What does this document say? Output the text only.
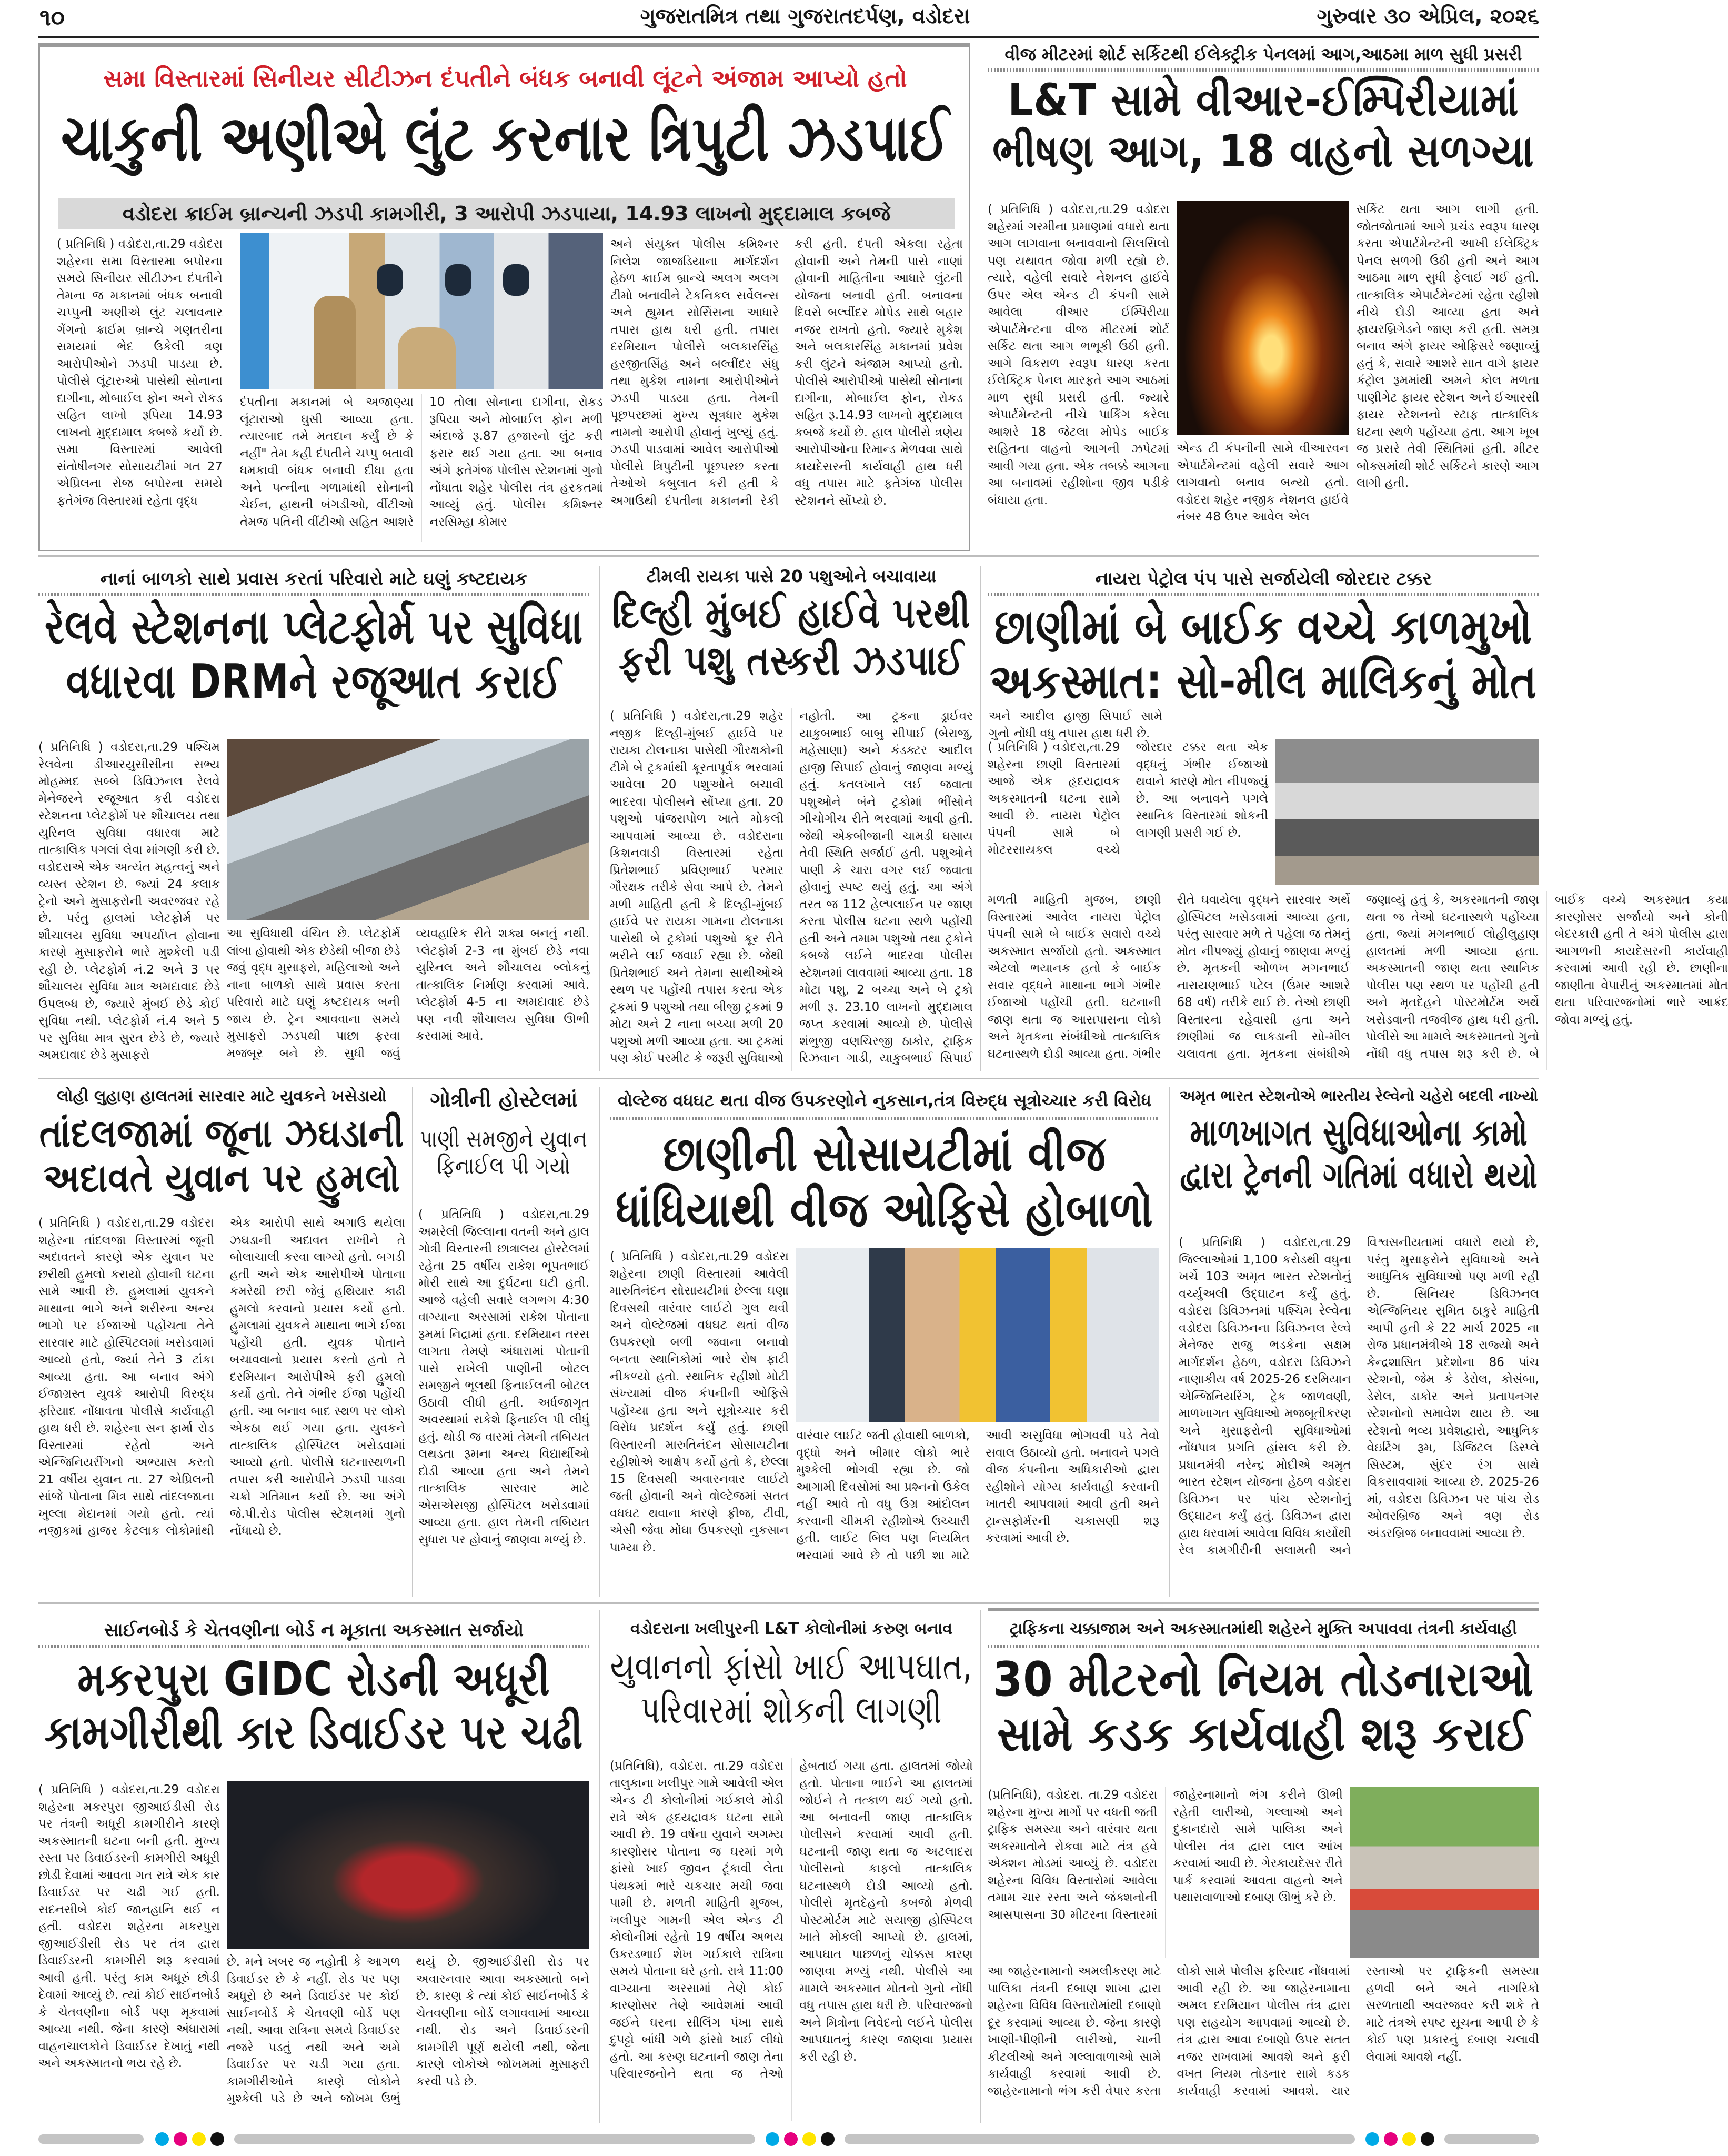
૧૦	ગુજરાતમિત્ર તથા ગુજરાતદર્પણ, વડોદરા	ગુરુવાર ૩૦ એપ્રિલ, ૨૦૨૬
સમા વિસ્તારમાં સિનીયર સીટીઝન દંપતીને બંધક બનાવી લૂંટને અંજામ આપ્યો હતો
ચાકુની અણીએ લુંટ કરનાર ત્રિપુટી ઝડપાઈ
વડોદરા ક્રાઈમ બ્રાન્ચની ઝડપી કામગીરી, 3 આરોપી ઝડપાયા, 14.93 લાખનો મુદ્દામાલ કબજે
( પ્રતિનિધિ ) વડોદરા,તા.29 વડોદરા શહેરના સમા વિસ્તારમા બપોરના સમયે સિનીયર સીટીઝન દંપતીને તેમના જ મકાનમાં બંધક બનાવી ચપ્પુની અણીએ લુંટ ચલાવનાર ગેંગનો ક્રાઈમ બ્રાન્ચે ગણતરીના સમયમાં ભેદ ઉકેલી ત્રણ આરોપીઓને ઝડપી પાડયા છે. પોલીસે લૂંટારુઓ પાસેથી સોનાના દાગીના, મોબાઈલ ફોન અને રોકડ સહિત લાખો રૂપિયા 14.93 લાખનો મુદ્દામાલ કબજે કર્યો છે. સમા વિસ્તારમાં આવેલી સંતોષીનગર સોસાયટીમાં ગત 27 એપ્રિલના રોજ બપોરના સમયે ફતેગંજ વિસ્તારમાં રહેતા વૃદ્ધ
દંપતીના મકાનમાં બે અજાણ્યા લૂંટારાઓ ઘુસી આવ્યા હતા. ત્યારબાદ તમે મતદાન કર્યું છે કે નહીં" તેમ કહી દંપતીને ચપ્પુ બતાવી ધમકાવી બંધક બનાવી દીધા હતા અને પત્નીના ગળામાંથી સોનાની ચેઈન, હાથની બંગડીઓ, વીંટીઓ તેમજ પતિની વીંટીઓ સહિત આશરે 10 તોલા સોનાના દાગીના, રોકડ રૂપિયા અને મોબાઈલ ફોન મળી અંદાજે રૂ.87 હજારનો લુંટ કરી ફરાર થઈ ગયા હતા. આ બનાવ અંગે ફતેગંજ પોલીસ સ્ટેશનમાં ગુનો નોંધાતા શહેર પોલીસ તંત્ર હરકતમાં આવ્યું હતું. પોલીસ કમિશ્નર નરસિમ્હા કોમાર
અને સંયુક્ત પોલીસ કમિશ્નર નિલેશ જાજડિયાના માર્ગદર્શન હેઠળ ક્રાઈમ બ્રાન્ચે અલગ અલગ ટીમો બનાવીને ટેકનિકલ સર્વેલન્સ અને હ્યુમન સોર્સિસના આધારે તપાસ હાથ ધરી હતી. તપાસ દરમિયાન પોલીસે બલકારસિંહ હરજીતસિંહ અને બલ્વીંદર સંધુ તથા મુકેશ નામના આરોપીઓને ઝડપી પાડયા હતા. તેમની પૂછપરછમાં મુખ્ય સૂત્રધાર મુકેશ નામનો આરોપી હોવાનું ખુલ્યું હતું. ઝડપી પાડવામાં આવેલ આરોપીઓ પોલીસે ત્રિપુટીની પૂછપરછ કરતા તેઓએ કબુલાત કરી હતી કે અગાઉથી દંપતીના મકાનની રેકી કરી હતી. દંપતી એકલા રહેતા હોવાની અને તેમની પાસે નાણાં હોવાની માહિતીના આધારે લુંટની યોજના બનાવી હતી. બનાવના દિવસે બલ્વીંદર મોપેડ સાથે બહાર નજર રાખતો હતો. જ્યારે મુકેશ અને બલકારસિંહ મકાનમાં પ્રવેશ કરી લુંટને અંજામ આપ્યો હતો. પોલીસે આરોપીઓ પાસેથી સોનાના દાગીના, મોબાઈલ ફોન, રોકડ સહિત રૂ.14.93 લાખનો મુદ્દામાલ કબજે કર્યો છે. હાલ પોલીસે ત્રણેય આરોપીઓના રિમાન્ડ મેળવવા સાથે કાયદેસરની કાર્યવાહી હાથ ધરી વધુ તપાસ માટે ફતેગંજ પોલીસ સ્ટેશનને સોંપ્યો છે.
વીજ મીટરમાં શોર્ટ સર્કિટથી ઈલેક્ટ્રીક પેનલમાં આગ,આઠમા માળ સુધી પ્રસરી
L&T સામે વીઆર-ઈમ્પિરીયામાં ભીષણ આગ, 18 વાહનો સળગ્યા
( પ્રતિનિધિ ) વડોદરા,તા.29 વડોદરા શહેરમાં ગરમીના પ્રમાણમાં વધારો થતા આગ લાગવાના બનાવવાનો સિલસિલો પણ યથાવત જોવા મળી રહ્યો છે. ત્યારે, વહેલી સવારે નેશનલ હાઈવે ઉપર એલ એન્ડ ટી કંપની સામે આવેલા વીઆર ઈમ્પિરીયા એપાર્ટમેન્ટના વીજ મીટરમાં શોર્ટ સર્કિટ થતા આગ ભભૂકી ઉઠી હતી. આગે વિકરાળ સ્વરૂપ ધારણ કરતા ઈલેક્ટ્રિક પેનલ મારફતે આગ આઠમાં માળ સુધી પ્રસરી હતી. જ્યારે એપાર્ટમેન્ટની નીચે પાર્કિંગ કરેલા આશરે 18 જેટલા મોપેડ બાઈક સહિતના વાહનો આગની ઝપેટમાં આવી ગયા હતા. એક તબક્કે આગના આ બનાવમાં રહીશોના જીવ પડીકે બંધાયા હતા.
એન્ડ ટી કંપનીની સામે વીઆરવન એપાર્ટમેન્ટમાં વહેલી સવારે આગ લાગવાનો બનાવ બન્યો હતો. વડોદરા શહેર નજીક નેશનલ હાઈવે નંબર 48 ઉપર આવેલ એલ
સર્કિટ થતા આગ લાગી હતી. જોતજોતામાં આગે પ્રચંડ સ્વરૂપ ધારણ કરતા એપાર્ટમેન્ટની આખી ઈલેક્ટ્રિક પેનલ સળગી ઉઠી હતી અને આગ આઠમા માળ સુધી ફેલાઈ ગઈ હતી. તાત્કાલિક એપાર્ટમેન્ટમાં રહેતા રહીશો નીચે દોડી આવ્યા હતા અને ફાયરબ્રિગેડને જાણ કરી હતી. સમગ્ર બનાવ અંગે ફાયર ઓફિસરે જણાવ્યું હતું કે, સવારે આશરે સાત વાગે ફાયર કંટ્રોલ રૂમમાંથી અમને કોલ મળતા પાણીગેટ ફાયર સ્ટેશન અને ઈઆરસી ફાયર સ્ટેશનનો સ્ટાફ તાત્કાલિક ઘટના સ્થળે પહોંચ્યા હતા. આગ ખૂબ જ પ્રસરે તેવી સ્થિતિમાં હતી. મીટર બોક્સમાંથી શોર્ટ સર્કિટને કારણે આગ લાગી હતી.
નાનાં બાળકો સાથે પ્રવાસ કરતાં પરિવારો માટે ઘણું કષ્ટદાયક
રેલવે સ્ટેશનના પ્લેટફોર્મ પર સુવિધા વધારવા DRMને રજૂઆત કરાઈ
( પ્રતિનિધિ ) વડોદરા,તા.29 પશ્ચિમ રેલવેના ડીઆરયુસીસીના સભ્ય મોહમ્મદ સબ્બે ડિવિઝનલ રેલવે મેનેજરને રજૂઆત કરી વડોદરા સ્ટેશનના પ્લેટફોર્મ પર શૌચાલય તથા યુરિનલ સુવિધા વધારવા માટે તાત્કાલિક પગલાં લેવા માંગણી કરી છે. વડોદરાએ એક અત્યંત મહત્વનું અને વ્યસ્ત સ્ટેશન છે. જ્યાં 24 કલાક ટ્રેનો અને મુસાફરોની અવરજવર રહે છે. પરંતુ હાલમાં પ્લેટફોર્મ પર શૌચાલય સુવિધા અપર્યાપ્ત હોવાના કારણે મુસાફરોને ભારે મુશ્કેલી પડી રહી છે. પ્લેટફોર્મ નં.2 અને 3 પર શૌચાલય સુવિધા માત્ર અમદાવાદ છેડે ઉપલબ્ધ છે, જ્યારે મુંબઈ છેડે કોઈ સુવિધા નથી. પ્લેટફોર્મ નં.4 અને 5 પર સુવિધા માત્ર સુરત છેડે છે, જ્યારે અમદાવાદ છેડે મુસાફરો
આ સુવિધાથી વંચિત છે. પ્લેટફોર્મ લાંબા હોવાથી એક છેડેથી બીજા છેડે જવું વૃદ્ધ મુસાફરો, મહિલાઓ અને નાના બાળકો સાથે પ્રવાસ કરતા પરિવારો માટે ઘણું કષ્ટદાયક બની જાય છે. ટ્રેન આવવાના સમયે મુસાફરો ઝડપથી પાછા ફરવા મજબૂર બને છે. સુધી જવું વ્યવહારિક રીતે શક્ય બનતું નથી. પ્લેટફોર્મ 2-3 ના મુંબઈ છેડે નવા યુરિનલ અને શૌચાલય બ્લોકનું તાત્કાલિક નિર્માણ કરવામાં આવે. પ્લેટફોર્મ 4-5 ના અમદાવાદ છેડે પણ નવી શૌચાલય સુવિધા ઊભી કરવામાં આવે.
ટીમલી રાયકા પાસે 20 પશુઓને બચાવાયા
દિલ્હી મુંબઈ હાઈવે પરથી ફરી પશુ તસ્કરી ઝડપાઈ
( પ્રતિનિધિ ) વડોદરા,તા.29 શહેર નજીક દિલ્હી-મુંબઈ હાઈવે પર રાયકા ટોલનાકા પાસેથી ગૌરક્ષકોની ટીમે બે ટ્રકમાંથી ક્રૂરતાપૂર્વક ભરવામાં આવેલા 20 પશુઓને બચાવી ભાદરવા પોલીસને સોંપ્યા હતા. 20 પશુઓ પાંજરાપોળ ખાતે મોકલી આપવામાં આવ્યા છે. વડોદરાના કિશનવાડી વિસ્તારમાં રહેતા પ્રિતેશભાઈ પ્રવિણભાઈ પરમાર ગૌરક્ષક તરીકે સેવા આપે છે. તેમને મળી માહિતી હતી કે દિલ્હી-મુંબઈ હાઈવે પર રાયકા ગામના ટોલનાકા પાસેથી બે ટ્રકોમાં પશુઓ ક્રૂર રીતે ભરીને લઈ જવાઈ રહ્યા છે. જેથી પ્રિતેશભાઈ અને તેમના સાથીઓએ સ્થળ પર પહોંચી તપાસ કરતા એક ટ્રકમાં 9 પશુઓ તથા બીજી ટ્રકમાં 9 મોટા અને 2 નાના બચ્ચા મળી 20 પશુઓ મળી આવ્યા હતા. આ ટ્રકમાં પણ કોઈ પરમીટ કે જરૂરી સુવિધાઓ નહોતી. આ ટ્રકના ડ્રાઈવર યાકુબભાઈ બાબુ સીપાઈ (બેરાજુ, મહેસાણા) અને કંડક્ટર આદીલ હાજી સિપાઈ હોવાનું જાણવા મળ્યું હતું. કતલખાને લઈ જવાતા પશુઓને બંને ટ્રકોમાં ભીંસોને ગીચોગીચ રીતે ભરવામાં આવી હતી. જેથી એકબીજાની ચામડી ઘસાય તેવી સ્થિતિ સર્જાઈ હતી. પશુઓને પાણી કે ચારા વગર લઈ જવાતા હોવાનું સ્પષ્ટ થયું હતું. આ અંગે તરત જ 112 હેલ્પલાઈન પર જાણ કરતા પોલીસ ઘટના સ્થળે પહોંચી હતી અને તમામ પશુઓ તથા ટ્રકોને કબજે લઈને ભાદરવા પોલીસ સ્ટેશનમાં લાવવામાં આવ્યા હતા. 18 મોટા પશુ, 2 બચ્ચા અને બે ટ્રકો મળી રૂ. 23.10 લાખનો મુદ્દામાલ જપ્ત કરવામાં આવ્યો છે. પોલીસે શંભુજી વણચિરજી ઠાકોર, ટ્રાફિક રિઝવાન ગાડી, યાકુબભાઈ સિપાઈ અને આદીલ હાજી સિપાઈ સામે ગુનો નોંધી વધુ તપાસ હાથ ધરી છે.
નાયરા પેટ્રોલ પંપ પાસે સર્જાયેલી જોરદાર ટક્કર
છાણીમાં બે બાઈક વચ્ચે કાળમુખો અકસ્માત: સો-મીલ માલિકનું મોત
( પ્રતિનિધિ ) વડોદરા,તા.29 શહેરના છાણી વિસ્તારમાં આજે એક હૃદયદ્રાવક અકસ્માતની ઘટના સામે આવી છે. નાયરા પેટ્રોલ પંપની સામે બે મોટરસાયકલ વચ્ચે જોરદાર ટક્કર થતા એક વૃદ્ધનું ગંભીર ઈજાઓ થવાને કારણે મોત નીપજ્યું છે. આ બનાવને પગલે સ્થાનિક વિસ્તારમાં શોકની લાગણી પ્રસરી ગઈ છે.
મળતી માહિતી મુજબ, છાણી વિસ્તારમાં આવેલ નાયરા પેટ્રોલ પંપની સામે બે બાઈક સવારો વચ્ચે અકસ્માત સર્જાયો હતો. અકસ્માત એટલો ભયાનક હતો કે બાઈક સવાર વૃદ્ધને માથાના ભાગે ગંભીર ઈજાઓ પહોંચી હતી. ઘટનાની જાણ થતા જ આસપાસના લોકો અને મૃતકના સંબંધીઓ તાત્કાલિક ઘટનાસ્થળે દોડી આવ્યા હતા. ગંભીર રીતે ઘવાયેલા વૃદ્ધને સારવાર અર્થે હોસ્પિટલ ખસેડવામાં આવ્યા હતા, પરંતુ સારવાર મળે તે પહેલા જ તેમનું મોત નીપજ્યું હોવાનું જાણવા મળ્યું છે. મૃતકની ઓળખ મગનભાઈ નારાયણભાઈ પટેલ (ઉંમર આશરે 68 વર્ષ) તરીકે થઈ છે. તેઓ છાણી વિસ્તારના રહેવાસી હતા અને છાણીમાં જ લાકડાની સો-મીલ ચલાવતા હતા. મૃતકના સંબંધીએ જણાવ્યું હતું કે, અકસ્માતની જાણ થતા જ તેઓ ઘટનાસ્થળે પહોંચ્યા હતા, જ્યાં મગનભાઈ લોહીલુહાણ હાલતમાં મળી આવ્યા હતા. અકસ્માતની જાણ થતા સ્થાનિક પોલીસ પણ સ્થળ પર પહોંચી હતી અને મૃતદેહને પોસ્ટમોર્ટમ અર્થે ખસેડવાની તજવીજ હાથ ધરી હતી. પોલીસે આ મામલે અકસ્માતનો ગુનો નોંધી વધુ તપાસ શરૂ કરી છે. બે બાઈક વચ્ચે અકસ્માત કયા કારણોસર સર્જાયો અને કોની બેદરકારી હતી તે અંગે પોલીસ દ્વારા આગળની કાયદેસરની કાર્યવાહી કરવામાં આવી રહી છે. છાણીના જાણીતા વેપારીનું અકસ્માતમાં મોત થતા પરિવારજનોમાં ભારે આક્રંદ જોવા મળ્યું હતું.
લોહી લુહાણ હાલતમાં સારવાર માટે યુવકને ખસેડાયો
તાંદલજામાં જૂના ઝઘડાની અદાવતે યુવાન પર હુમલો
( પ્રતિનિધિ ) વડોદરા,તા.29 વડોદરા શહેરના તાંદલજા વિસ્તારમાં જૂની અદાવતને કારણે એક યુવાન પર છરીથી હુમલો કરાયો હોવાની ઘટના સામે આવી છે. હુમલામાં યુવકને માથાના ભાગે અને શરીરના અન્ય ભાગો પર ઈજાઓ પહોંચતા તેને સારવાર માટે હોસ્પિટલમાં ખસેડવામાં આવ્યો હતો, જ્યાં તેને 3 ટાંકા આવ્યા હતા. આ બનાવ અંગે ઈજાગ્રસ્ત યુવકે આરોપી વિરુદ્ધ ફરિયાદ નોંધાવતા પોલીસે કાર્યવાહી હાથ ધરી છે. શહેરના સન ફાર્મા રોડ વિસ્તારમાં રહેતો અને એન્જિનિયરીંગનો અભ્યાસ કરતો 21 વર્ષીય યુવાન તા. 27 એપ્રિલની સાંજે પોતાના મિત્ર સાથે તાંદલજાના ખુલ્લા મેદાનમાં ગયો હતો. ત્યાં નજીકમાં હાજર કેટલાક લોકોમાંથી એક આરોપી સાથે અગાઉ થયેલા ઝઘડાની અદાવત રાખીને તે બોલાચાલી કરવા લાગ્યો હતો. બગડી હતી અને એક આરોપીએ પોતાના કમરેથી છરી જેવું હથિયાર કાઢી હુમલો કરવાનો પ્રયાસ કર્યો હતો. હુમલામાં યુવકને માથાના ભાગે ઈજા પહોંચી હતી. યુવક પોતાને બચાવવાનો પ્રયાસ કરતો હતો તે દરમિયાન આરોપીએ ફરી હુમલો કર્યો હતો. તેને ગંભીર ઈજા પહોંચી હતી. આ બનાવ બાદ સ્થળ પર લોકો એકઠા થઈ ગયા હતા. યુવકને તાત્કાલિક હોસ્પિટલ ખસેડવામાં આવ્યો હતો. પોલીસે ઘટનાસ્થળની તપાસ કરી આરોપીને ઝડપી પાડવા ચક્રો ગતિમાન કર્યા છે. આ અંગે જે.પી.રોડ પોલીસ સ્ટેશનમાં ગુનો નોંધાયો છે.
ગોત્રીની હોસ્ટેલમાં
પાણી સમજીને યુવાન ફિનાઈલ પી ગયો
( પ્રતિનિધિ ) વડોદરા,તા.29 અમરેલી જિલ્લાના વતની અને હાલ ગોત્રી વિસ્તારની છાત્રાલય હોસ્ટેલમાં રહેતા 25 વર્ષીય રાકેશ ભૂપતભાઈ મોરી સાથે આ દુર્ઘટના ઘટી હતી. આજે વહેલી સવારે લગભગ 4:30 વાગ્યાના અરસામાં રાકેશ પોતાના રૂમમાં નિદ્રામાં હતા. દરમિયાન તરસ લાગતા તેમણે અંધારામાં પોતાની પાસે રાખેલી પાણીની બોટલ સમજીને ભૂલથી ફિનાઈલની બોટલ ઉઠાવી લીધી હતી. અર્ધજાગૃત અવસ્થામાં રાકેશે ફિનાઈલ પી લીધું હતું. થોડી જ વારમાં તેમની તબિયત લથડતા રૂમના અન્ય વિદ્યાર્થીઓ દોડી આવ્યા હતા અને તેમને તાત્કાલિક સારવાર માટે એસએસજી હોસ્પિટલ ખસેડવામાં આવ્યા હતા. હાલ તેમની તબિયત સુધારા પર હોવાનું જાણવા મળ્યું છે.
વોલ્ટેજ વધઘટ થતા વીજ ઉપકરણોને નુકસાન,તંત્ર વિરુદ્ધ સૂત્રોચ્ચાર કરી વિરોધ
છાણીની સોસાયટીમાં વીજ ધાંધિયાથી વીજ ઓફિસે હોબાળો
( પ્રતિનિધિ ) વડોદરા,તા.29 વડોદરા શહેરના છાણી વિસ્તારમાં આવેલી મારુતિનંદન સોસાયટીમાં છેલ્લા ઘણા દિવસથી વારંવાર લાઈટો ગુલ થવી અને વોલ્ટેજમાં વધઘટ થતાં વીજ ઉપકરણો બળી જવાના બનાવો બનતા સ્થાનિકોમાં ભારે રોષ ફાટી નીકળ્યો હતો. સ્થાનિક રહીશો મોટી સંખ્યામાં વીજ કંપનીની ઓફિસે પહોંચ્યા હતા અને સૂત્રોચ્ચાર કરી વિરોધ પ્રદર્શન કર્યું હતું. છાણી વિસ્તારની મારુતિનંદન સોસાયટીના રહીશોએ આક્ષેપ કર્યો હતો કે, છેલ્લા 15 દિવસથી અવારનવાર લાઈટો જતી હોવાની અને વોલ્ટેજમાં સતત વધઘટ થવાના કારણે ફ્રીજ, ટીવી, એસી જેવા મોંઘા ઉપકરણો નુકસાન પામ્યા છે.
વારંવાર લાઈટ જતી હોવાથી બાળકો, વૃદ્ધો અને બીમાર લોકો ભારે મુશ્કેલી ભોગવી રહ્યા છે. જો આગામી દિવસોમાં આ પ્રશ્નનો ઉકેલ નહીં આવે તો વધુ ઉગ્ર આંદોલન કરવાની ચીમકી રહીશોએ ઉચ્ચારી હતી. લાઈટ બિલ પણ નિયમિત ભરવામાં આવે છે તો પછી શા માટે આવી અસુવિધા ભોગવવી પડે તેવો સવાલ ઉઠાવ્યો હતો. બનાવને પગલે વીજ કંપનીના અધિકારીઓ દ્વારા રહીશોને યોગ્ય કાર્યવાહી કરવાની ખાતરી આપવામાં આવી હતી અને ટ્રાન્સફોર્મરની ચકાસણી શરૂ કરવામાં આવી છે.
અમૃત ભારત સ્ટેશનોએ ભારતીય રેલ્વેનો ચહેરો બદલી નાખ્યો
માળખાગત સુવિધાઓના કામો દ્વારા ટ્રેનની ગતિમાં વધારો થયો
( પ્રતિનિધિ ) વડોદરા,તા.29 જિલ્લાઓમાં 1,100 કરોડથી વધુના ખર્ચે 103 અમૃત ભારત સ્ટેશનોનું વર્ચ્યુઅલી ઉદ્ઘાટન કર્યું હતું. વડોદરા ડિવિઝનમાં પશ્ચિમ રેલ્વેના વડોદરા ડિવિઝનના ડિવિઝનલ રેલ્વે મેનેજર રાજુ ભડકેના સક્ષમ માર્ગદર્શન હેઠળ, વડોદરા ડિવિઝને નાણાકીય વર્ષ 2025-26 દરમિયાન એન્જિનિયરિંગ, ટ્રેક જાળવણી, માળખાગત સુવિધાઓ મજબૂતીકરણ અને મુસાફરોની સુવિધાઓમાં નોંધપાત્ર પ્રગતિ હાંસલ કરી છે. પ્રધાનમંત્રી નરેન્દ્ર મોદીએ અમૃત ભારત સ્ટેશન યોજના હેઠળ વડોદરા ડિવિઝન પર પાંચ સ્ટેશનોનું ઉદ્ઘાટન કર્યું હતું. ડિવિઝન દ્વારા હાથ ધરવામાં આવેલા વિવિધ કાર્યોથી રેલ કામગીરીની સલામતી અને વિશ્વસનીયતામાં વધારો થયો છે, પરંતુ મુસાફરોને સુવિધાઓ અને આધુનિક સુવિધાઓ પણ મળી રહી છે. સિનિયર ડિવિઝનલ એન્જિનિયર સુમિત ઠાકુરે માહિતી આપી હતી કે 22 માર્ચ 2025 ના રોજ પ્રધાનમંત્રીએ 18 રાજ્યો અને કેન્દ્રશાસિત પ્રદેશોના 86 પાંચ સ્ટેશનો, જેમ કે ડેરોલ, કોસંબા, ડેરોલ, ડાકોર અને પ્રતાપનગર સ્ટેશનોનો સમાવેશ થાય છે. આ સ્ટેશનો ભવ્ય પ્રવેશદ્વારો, આધુનિક વેઇટિંગ રૂમ, ડિજિટલ ડિસ્પ્લે સિસ્ટમ, સુંદર રંગ સાથે વિકસાવવામાં આવ્યા છે. 2025-26 માં, વડોદરા ડિવિઝન પર પાંચ રોડ ઓવરબ્રિજ અને ત્રણ રોડ અંડરબ્રિજ બનાવવામાં આવ્યા છે.
સાઈનબોર્ડ કે ચેતવણીના બોર્ડ ન મૂકાતા અકસ્માત સર્જાયો
મકરપુરા GIDC રોડની અધૂરી કામગીરીથી કાર ડિવાઈડર પર ચઢી
( પ્રતિનિધિ ) વડોદરા,તા.29 વડોદરા શહેરના મકરપુરા જીઆઈડીસી રોડ પર તંત્રની અધૂરી કામગીરીને કારણે અકસ્માતની ઘટના બની હતી. મુખ્ય રસ્તા પર ડિવાઈડરની કામગીરી અધૂરી છોડી દેવામાં આવતા ગત રાત્રે એક કાર ડિવાઈડર પર ચઢી ગઈ હતી. સદનસીબે કોઈ જાનહાનિ થઈ ન હતી. વડોદરા શહેરના મકરપુરા જીઆઈડીસી રોડ પર તંત્ર દ્વારા ડિવાઈડરની કામગીરી શરૂ કરવામાં આવી હતી. પરંતુ કામ અધૂરું છોડી દેવામાં આવ્યું છે. ત્યાં કોઈ સાઈનબોર્ડ કે ચેતવણીના બોર્ડ પણ મૂકવામાં આવ્યા નથી. જેના કારણે અંધારામાં વાહનચાલકોને ડિવાઈડર દેખાતું નથી અને અકસ્માતનો ભય રહે છે.
છે. મને ખબર જ નહોતી કે આગળ ડિવાઈડર છે કે નહીં. રોડ પર પણ અધૂરો છે અને ડિવાઈડર પર કોઈ સાઈનબોર્ડ કે ચેતવણી બોર્ડ પણ નથી. આવા રાત્રિના સમયે ડિવાઈડર નજરે પડતું નથી અને અમે ડિવાઈડર પર ચડી ગયા હતા. કામગીરીઓને કારણે લોકોને મુશ્કેલી પડે છે અને જોખમ ઉભું થયું છે. જીઆઈડીસી રોડ પર અવારનવાર આવા અકસ્માતો બને છે. કારણ કે ત્યાં કોઈ સાઈનબોર્ડ કે ચેતવણીના બોર્ડ લગાવવામાં આવ્યા નથી. રોડ અને ડિવાઈડરની કામગીરી પૂર્ણ થયેલી નથી, જેના કારણે લોકોએ જોખમમાં મુસાફરી કરવી પડે છે.
વડોદરાના ખલીપુરની L&T કોલોનીમાં કરુણ બનાવ
યુવાનનો ફાંસો ખાઈ આપઘાત, પરિવારમાં શોકની લાગણી
(પ્રતિનિધિ), વડોદરા. તા.29 વડોદરા તાલુકાના ખલીપુર ગામે આવેલી એલ એન્ડ ટી કોલોનીમાં ગઈકાલે મોડી રાત્રે એક હૃદયદ્રાવક ઘટના સામે આવી છે. 19 વર્ષના યુવાને અગમ્ય કારણોસર પોતાના જ ઘરમાં ગળે ફાંસો ખાઈ જીવન ટૂંકાવી લેતા પંથકમાં ભારે ચકચાર મચી જવા પામી છે. મળતી માહિતી મુજબ, ખલીપુર ગામની એલ એન્ડ ટી કોલોનીમાં રહેતો 19 વર્ષીય અભય ઉકરડભાઈ શેખ ગઈકાલે રાત્રિના સમયે પોતાના ઘરે હતો. રાત્રે 11:00 વાગ્યાના અરસામાં તેણે કોઈ કારણોસર તેણે આવેશમાં આવી જઈને ઘરના સીલિંગ પંખા સાથે દુપટ્ટો બાંધી ગળે ફાંસો ખાઈ લીધો હતો. આ કરુણ ઘટનાની જાણ તેના પરિવારજનોને થતા જ તેઓ હેબતાઈ ગયા હતા. હાલતમાં જોયો હતો. પોતાના ભાઈને આ હાલતમાં જોઈને તે તત્કાળ થઈ ગયો હતો. આ બનાવની જાણ તાત્કાલિક પોલીસને કરવામાં આવી હતી. ઘટનાની જાણ થતા જ અટલાદરા પોલીસનો કાફલો તાત્કાલિક ઘટનાસ્થળે દોડી આવ્યો હતો. પોલીસે મૃતદેહનો કબજો મેળવી પોસ્ટમોર્ટમ માટે સયાજી હોસ્પિટલ ખાતે મોકલી આપ્યો છે. હાલમાં, આપઘાત પાછળનું ચોક્કસ કારણ જાણવા મળ્યું નથી. પોલીસે આ મામલે અકસ્માત મોતનો ગુનો નોંધી વધુ તપાસ હાથ ધરી છે. પરિવારજનો અને મિત્રોના નિવેદનો લઈને પોલીસ આપઘાતનું કારણ જાણવા પ્રયાસ કરી રહી છે.
ટ્રાફિકના ચક્કાજામ અને અકસ્માતમાંથી શહેરને મુક્તિ અપાવવા તંત્રની કાર્યવાહી
30 મીટરનો નિયમ તોડનારાઓ સામે કડક કાર્યવાહી શરૂ કરાઈ
(પ્રતિનિધિ), વડોદરા. તા.29 વડોદરા શહેરના મુખ્ય માર્ગો પર વધતી જતી ટ્રાફિક સમસ્યા અને વારંવાર થતા અકસ્માતોને રોકવા માટે તંત્ર હવે એક્શન મોડમાં આવ્યું છે. વડોદરા શહેરના વિવિધ વિસ્તારોમાં આવેલા તમામ ચાર રસ્તા અને જંક્શનોની આસપાસના 30 મીટરના વિસ્તારમાં જાહેરનામાનો ભંગ કરીને ઊભી રહેતી લારીઓ, ગલ્લાઓ અને દુકાનદારો સામે પાલિકા અને પોલીસ તંત્ર દ્વારા લાલ આંખ કરવામાં આવી છે. ગેરકાયદેસર રીતે પાર્ક કરવામાં આવતા વાહનો અને પથારાવાળાઓ દબાણ ઊભું કરે છે.
આ જાહેરનામાનો અમલીકરણ માટે પાલિકા તંત્રની દબાણ શાખા દ્વારા શહેરના વિવિધ વિસ્તારોમાંથી દબાણો દૂર કરવામાં આવ્યા છે. જેના કારણે ખાણી-પીણીની લારીઓ, ચાની કીટલીઓ અને ગલ્લાવાળાઓ સામે કાર્યવાહી કરવામાં આવી છે. જાહેરનામાનો ભંગ કરી વેપાર કરતા લોકો સામે પોલીસ ફરિયાદ નોંધવામાં આવી રહી છે. આ જાહેરનામાના અમલ દરમિયાન પોલીસ તંત્ર દ્વારા પણ સહયોગ આપવામાં આવ્યો છે. તંત્ર દ્વારા આવા દબાણો ઉપર સતત નજર રાખવામાં આવશે અને ફરી વખત નિયમ તોડનાર સામે કડક કાર્યવાહી કરવામાં આવશે. ચાર રસ્તાઓ પર ટ્રાફિકની સમસ્યા હળવી બને અને નાગરિકો સરળતાથી અવરજવર કરી શકે તે માટે તંત્રએ સ્પષ્ટ સૂચના આપી છે કે કોઈ પણ પ્રકારનું દબાણ ચલાવી લેવામાં આવશે નહીં.
